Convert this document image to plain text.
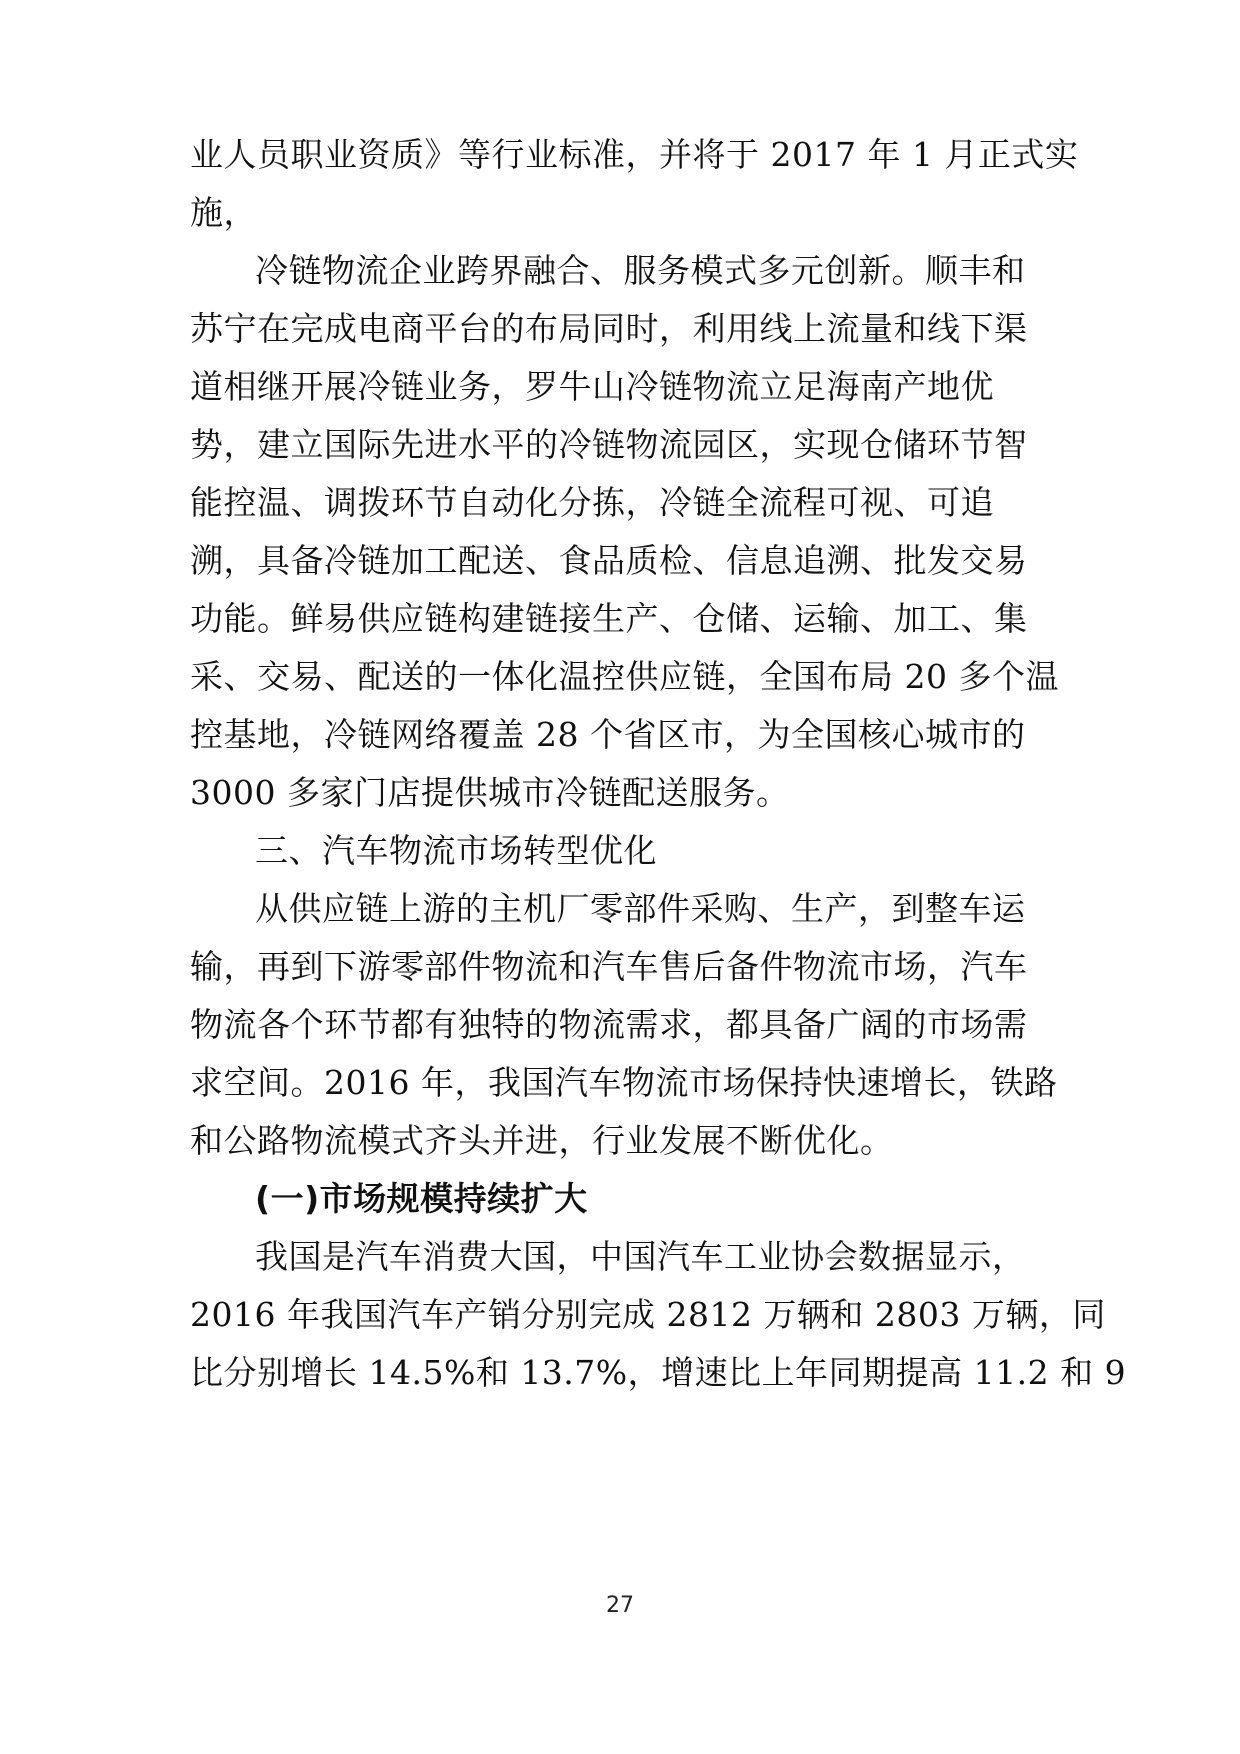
业人员职业资质》等行业标准，并将于 2017 年 1 月正式实
施，
冷链物流企业跨界融合、服务模式多元创新。顺丰和
苏宁在完成电商平台的布局同时，利用线上流量和线下渠
道相继开展冷链业务，罗牛山冷链物流立足海南产地优
势，建立国际先进水平的冷链物流园区，实现仓储环节智
能控温、调拨环节自动化分拣，冷链全流程可视、可追
溯，具备冷链加工配送、食品质检、信息追溯、批发交易
功能。鲜易供应链构建链接生产、仓储、运输、加工、集
采、交易、配送的一体化温控供应链，全国布局 20 多个温
控基地，冷链网络覆盖 28 个省区市，为全国核心城市的
3000 多家门店提供城市冷链配送服务。
三、汽车物流市场转型优化
从供应链上游的主机厂零部件采购、生产，到整车运
输，再到下游零部件物流和汽车售后备件物流市场，汽车
物流各个环节都有独特的物流需求，都具备广阔的市场需
求空间。2016 年，我国汽车物流市场保持快速增长，铁路
和公路物流模式齐头并进，行业发展不断优化。
(一)市场规模持续扩大
我国是汽车消费大国，中国汽车工业协会数据显示，
2016 年我国汽车产销分别完成 2812 万辆和 2803 万辆，同
比分别增长 14.5%和 13.7%，增速比上年同期提高 11.2 和 9
27
